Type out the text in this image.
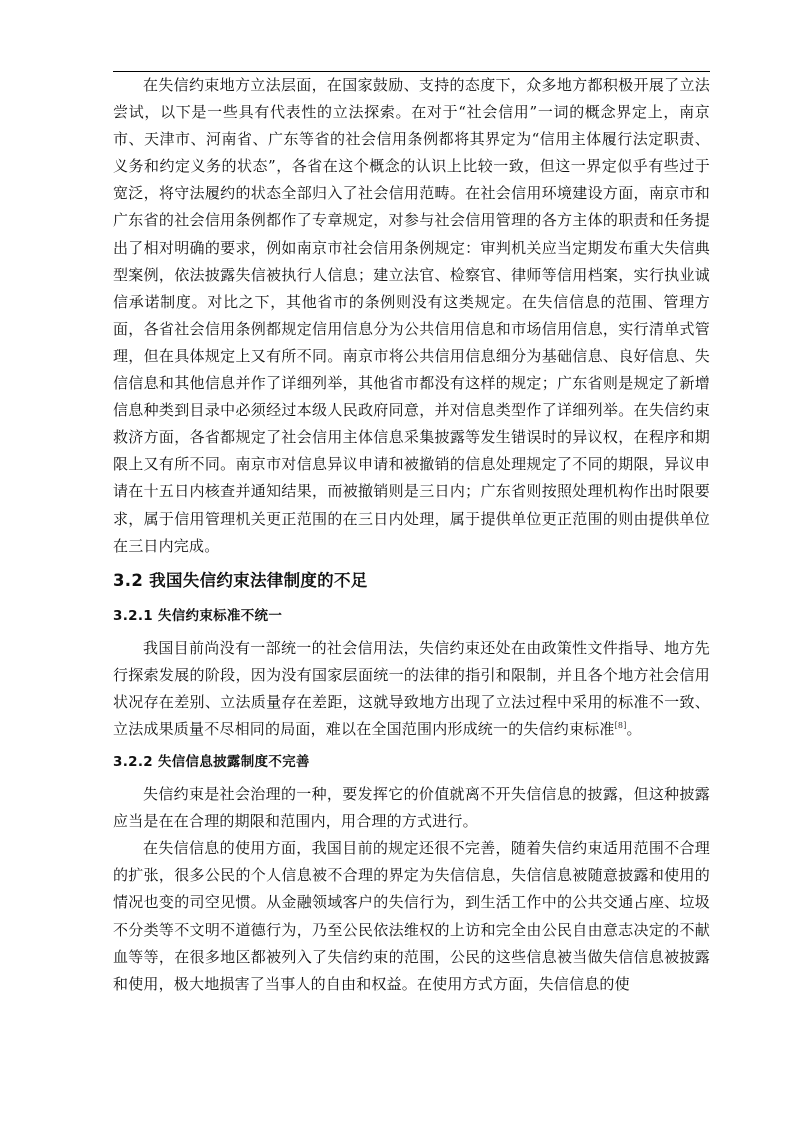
在失信约束地方立法层面，在国家鼓励、支持的态度下，众多地方都积极开展了立法尝试，以下是一些具有代表性的立法探索。在对于“社会信用”一词的概念界定上，南京市、天津市、河南省、广东等省的社会信用条例都将其界定为“信用主体履行法定职责、义务和约定义务的状态”，各省在这个概念的认识上比较一致，但这一界定似乎有些过于宽泛，将守法履约的状态全部归入了社会信用范畴。在社会信用环境建设方面，南京市和广东省的社会信用条例都作了专章规定，对参与社会信用管理的各方主体的职责和任务提出了相对明确的要求，例如南京市社会信用条例规定：审判机关应当定期发布重大失信典型案例，依法披露失信被执行人信息；建立法官、检察官、律师等信用档案，实行执业诚信承诺制度。对比之下，其他省市的条例则没有这类规定。在失信信息的范围、管理方面，各省社会信用条例都规定信用信息分为公共信用信息和市场信用信息，实行清单式管理，但在具体规定上又有所不同。南京市将公共信用信息细分为基础信息、良好信息、失信信息和其他信息并作了详细列举，其他省市都没有这样的规定；广东省则是规定了新增信息种类到目录中必须经过本级人民政府同意，并对信息类型作了详细列举。在失信约束救济方面，各省都规定了社会信用主体信息采集披露等发生错误时的异议权，在程序和期限上又有所不同。南京市对信息异议申请和被撤销的信息处理规定了不同的期限，异议申请在十五日内核查并通知结果，而被撤销则是三日内；广东省则按照处理机构作出时限要求，属于信用管理机关更正范围的在三日内处理，属于提供单位更正范围的则由提供单位在三日内完成。

3.2 我国失信约束法律制度的不足
3.2.1 失信约束标准不统一

我国目前尚没有一部统一的社会信用法，失信约束还处在由政策性文件指导、地方先行探索发展的阶段，因为没有国家层面统一的法律的指引和限制，并且各个地方社会信用状况存在差别、立法质量存在差距，这就导致地方出现了立法过程中采用的标准不一致、立法成果质量不尽相同的局面，难以在全国范围内形成统一的失信约束标准[8]。

3.2.2 失信信息披露制度不完善

失信约束是社会治理的一种，要发挥它的价值就离不开失信信息的披露，但这种披露应当是在在合理的期限和范围内，用合理的方式进行。

在失信信息的使用方面，我国目前的规定还很不完善，随着失信约束适用范围不合理的扩张，很多公民的个人信息被不合理的界定为失信信息，失信信息被随意披露和使用的情况也变的司空见惯。从金融领域客户的失信行为，到生活工作中的公共交通占座、垃圾不分类等不文明不道德行为，乃至公民依法维权的上访和完全由公民自由意志决定的不献血等等，在很多地区都被列入了失信约束的范围，公民的这些信息被当做失信信息被披露和使用，极大地损害了当事人的自由和权益。在使用方式方面，失信信息的使
